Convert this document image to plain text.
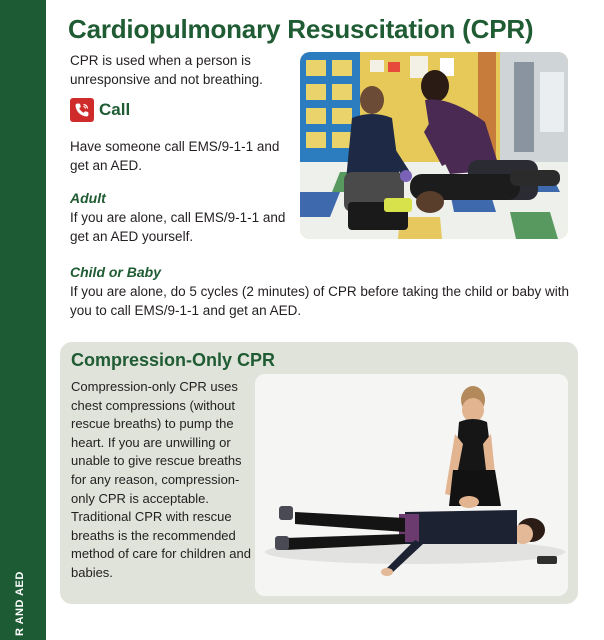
R AND AED
Cardiopulmonary Resuscitation (CPR)
CPR is used when a person is unresponsive and not breathing.
Call
Have someone call EMS/9-1-1 and get an AED.
Adult
If you are alone, call EMS/9-1-1 and get an AED yourself.
Child or Baby
If you are alone, do 5 cycles (2 minutes) of CPR before taking the child or baby with you to call EMS/9-1-1 and get an AED.
Compression-Only CPR
Compression-only CPR uses chest compressions (without rescue breaths) to pump the heart. If you are unwilling or unable to give rescue breaths for any reason, compression-only CPR is acceptable. Traditional CPR with rescue breaths is the recommended method of care for children and babies.
